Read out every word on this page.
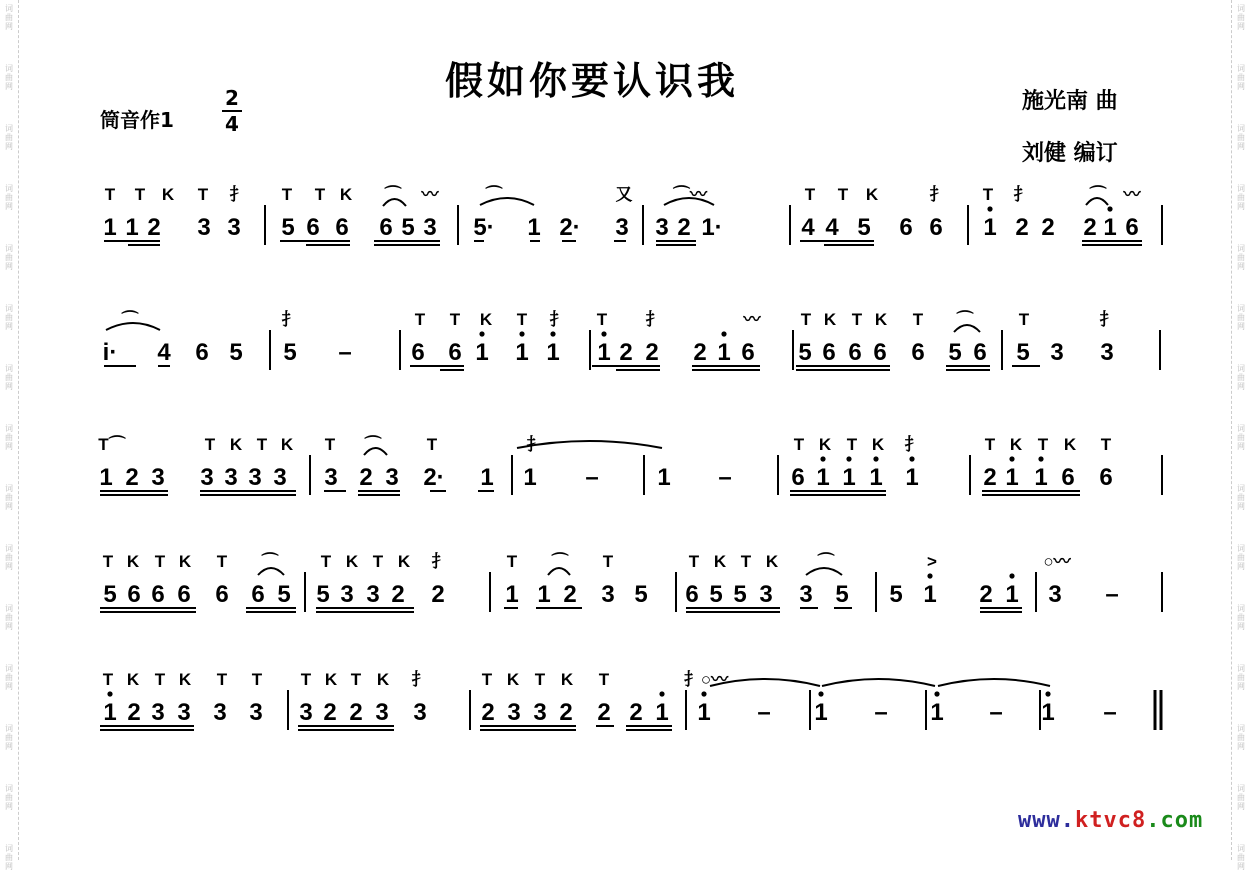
词
曲
网
词
曲
网
词
曲
网
词
曲
网
词
曲
网
词
曲
网
词
曲
网
词
曲
网
词
曲
网
词
曲
网
词
曲
网
词
曲
网
词
曲
网
词
曲
网
词
曲
网
词
曲
网
词
曲
网
词
曲
网
词
曲
网
词
曲
网
词
曲
网
词
曲
网
词
曲
网
词
曲
网
词
曲
网
词
曲
网
词
曲
网
词
曲
网
词
曲
网
词
曲
网
假如你要认识我	施光南 曲
刘健 编订
筒音作1
2
4
1 1 2 3 3 5 6 6 6 5 3 5· 1 2· 3 3 2 1·	4 4 5 6 6 1 2 2 2 1 6
T T K T 扌 T T K ⌒ 〰	⌒	又 ⌒〰	T T K	扌 T 扌	⌒ 〰
i· 4 6 5 5 – 6 6 1 1 1 1 2 2 2 1 6 5 6 6 6 6 5 6 5 3 3
⌒	扌	T T K T 扌 T 扌	〰 T K T K T ⌒	T	扌
1 2 3 3 3 3 3 3 2 3 2· 1 1 – 1 – 6 1 1 1 1	2 1 1 6 6
T⌒	T K T K T ⌒	T	扌	T K T K 扌	T K T K T
5 6 6 6 6 6 5 5 3 3 2 2	1 1 2 3 5 6 5 5 3 3 5 5 1 2 1 3 –
T K T K T ⌒ T K T K 扌	T ⌒ T	T K T K ⌒	>	○〰
1 2 3 3 3 3 3 2 2 3 3 2 3 3 2 2 2 1 1 – 1 – 1 – 1 –
T K T K T T T K T K 扌	T K T K T	扌○〰
www.ktvc8.com
